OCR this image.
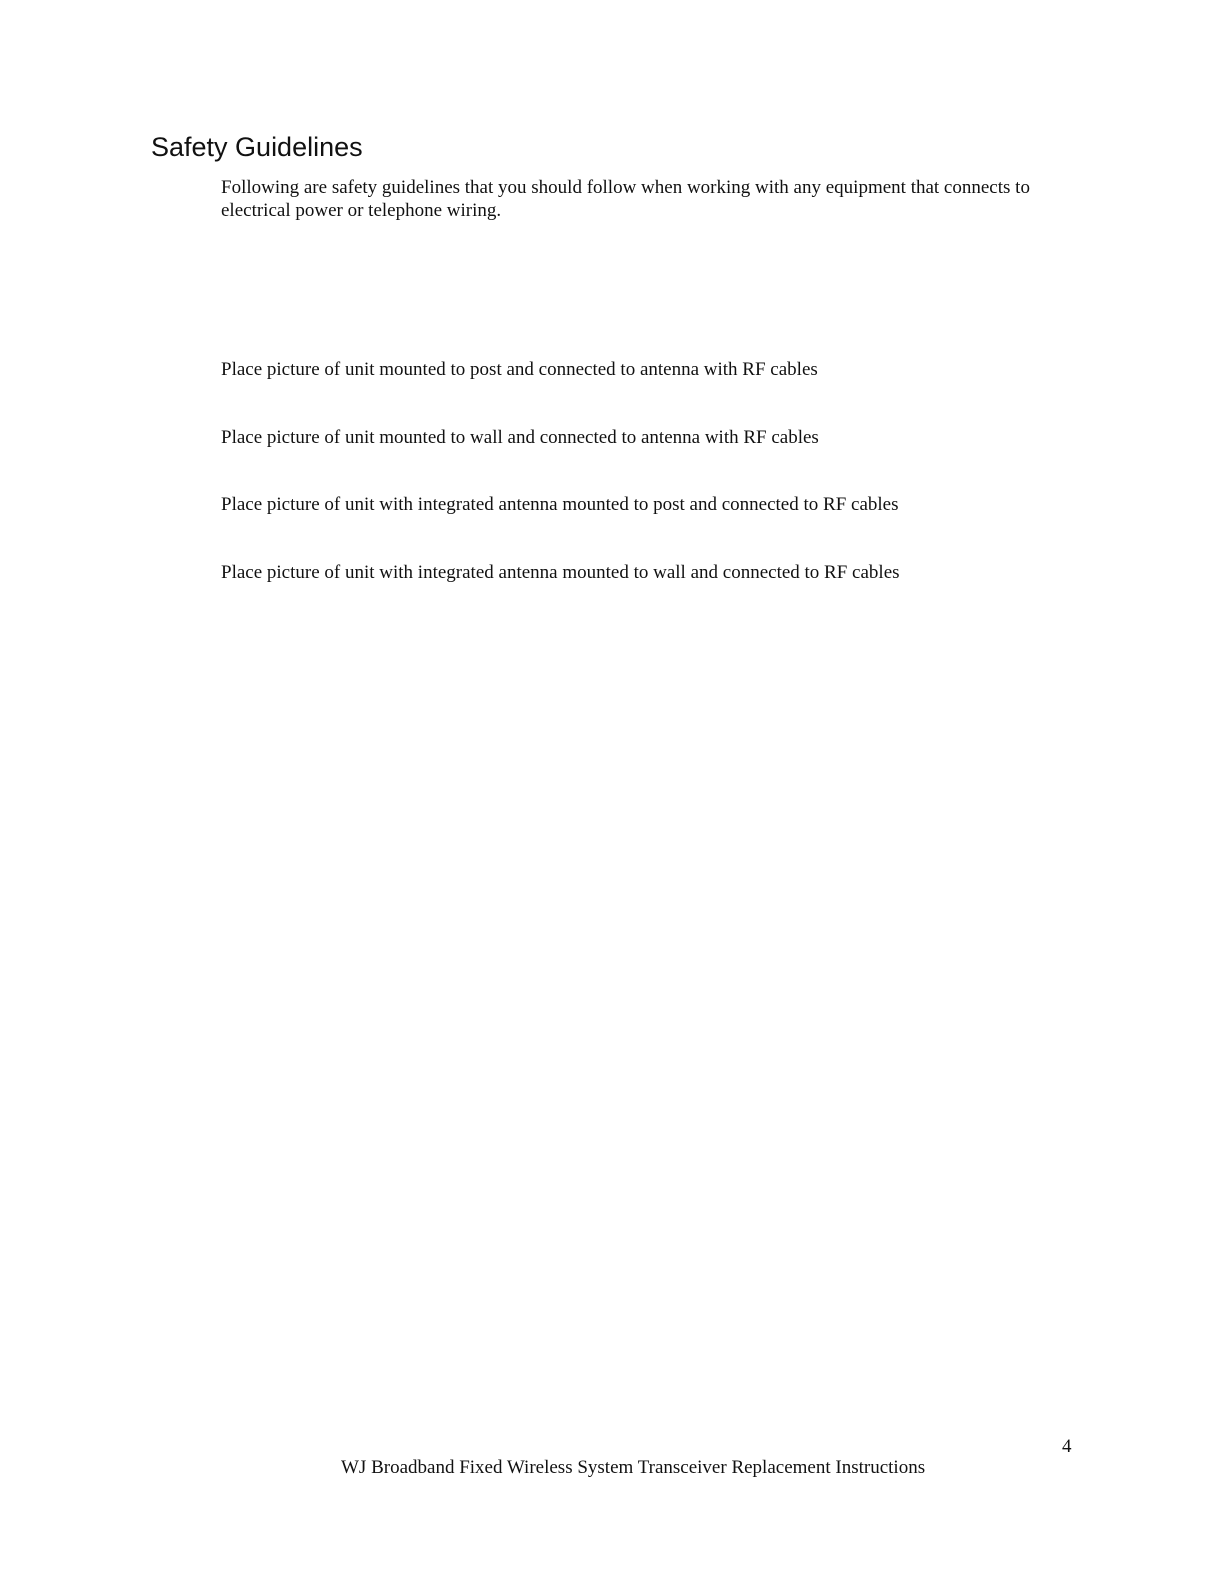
Safety Guidelines

Following are safety guidelines that you should follow when working with any equipment that connects to electrical power or telephone wiring.

Place picture of unit mounted to post and connected to antenna with RF cables

Place picture of unit mounted to wall and connected to antenna with RF cables

Place picture of unit with integrated antenna mounted to post and connected to RF cables

Place picture of unit with integrated antenna mounted to wall and connected to RF cables

4

WJ Broadband Fixed Wireless System Transceiver Replacement Instructions
